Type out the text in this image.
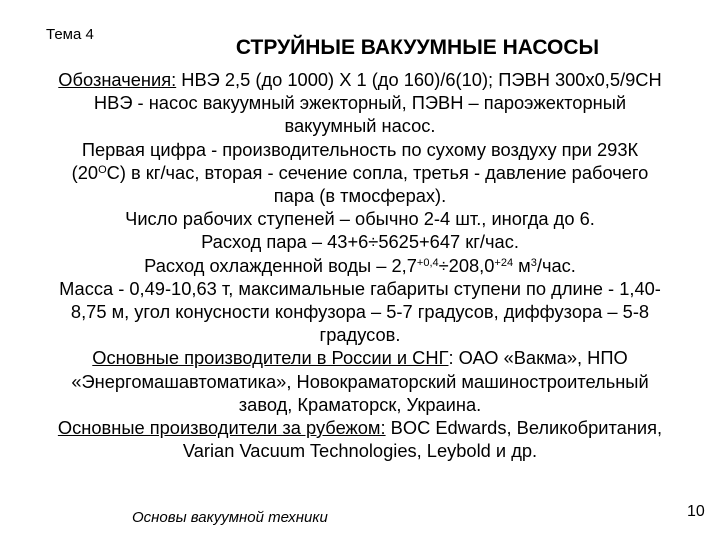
Тема 4
СТРУЙНЫЕ ВАКУУМНЫЕ НАСОСЫ

Обозначения: НВЭ 2,5 (до 1000) Х 1 (до 160)/6(10); ПЭВН 300х0,5/9СН

НВЭ - насос вакуумный эжекторный, ПЭВН – пароэжекторный

вакуумный насос.

Первая цифра - производительность по сухому воздуху при 293К

$(20^OС)$ в кг/час, вторая - сечение сопла, третья - давление рабочего

пара (в тмосферах).

Число рабочих ступеней – обычно 2-4 шт., иногда до 6.

Расход пара – 43+6÷5625+647 кг/час.

Расход охлажденной воды – $2,7^{+0,4}\div 208,0^{+24}$ $м^3$/час.

Масса - 0,49-10,63 т, максимальные габариты ступени по длине - 1,40-

8,75 м, угол конусности конфузора – 5-7 градусов, диффузора – 5-8

градусов.

Основные производители в России и СНГ: ОАО «Вакма», НПО

«Энергомашавтоматика», Новокраматорский машиностроительный

завод, Краматорск, Украина.

Основные производители за рубежом: BOC Edwards, Великобритания,

Varian Vacuum Technologies, Leybold и др.

Основы вакуумной техники	10
